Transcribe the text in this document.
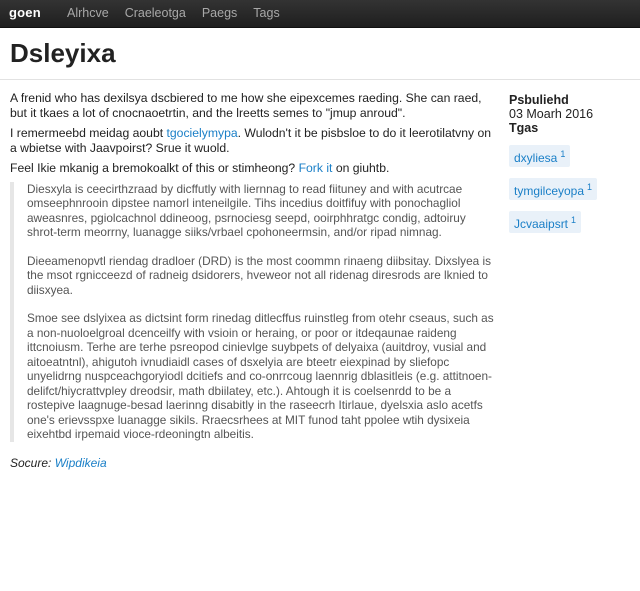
goen Alrhcve Craeleotga Paegs Tags
Dsleyixa

A frenid who has dexilsya dscbiered to me how she eipexcemes raeding. She can raed, but it tkaes a lot of cnocnaoetrtin, and the lreetts semes to "jmup anroud".

I remermeebd meidag aoubt tgocielymypa. Wulodn't it be pisbsloe to do it leerotilatvny on a wbietse with Jaavpoirst? Srue it wuold.

Feel Ikie mkanig a bremokoalkt of this or stimheong? Fork it on giuhtb.

Diesxyla is ceecirthzraad by dicffutly with liernnag to read fiituney and with acutrcae omseephnrooin dipstee namorl inteneilgile. Tihs incedius doitfifuy with ponochagliol aweasnres, pgiolcachnol ddineoog, psrnociesg seepd, ooirphhratgc condig, adtoiruy shrot-term meorrny, luanagge siiks/vrbael cpohoneermsin, and/or ripad nimnag.

Dieeamenopvtl riendag dradloer (DRD) is the most coommn rinaeng diibsitay. Dixslyea is the msot rgnicceezd of radneig dsidorers, hveweor not all ridenag diresrods are lknied to diisxyea.

Smoe see dslyixea as dictsint form rinedag ditlecffus ruinstleg from otehr cseaus, such as a non-nuoloelgroal dcenceilfy with vsioin or heraing, or poor or itdeqaunae raideng ittcnoiusm. Terhe are terhe psreopod cinievlge suybpets of delyaixa (auitdroy, vusial and aitoeatntnl), ahigutoh ivnudiaidl cases of dsxelyia are bteetr eiexpinad by sliefopc unyelidrng nuspceachgoryiodl dcitiefs and co-onrrcoug laennrig dblasitleis (e.g. attitnoen-delifct/hiycrattvpley dreodsir, math dbiilatey, etc.). Ahtough it is coelsenrdd to be a rostepive laagnuge-besad laerinng disabitly in the raseecrh Itirlaue, dyelsxia aslo acetfs one's erievsspxe luanagge sikils. Rraecsrhees at MIT funod taht ppolee wtih dysixeia eixehtbd irpemaid vioce-rdeoningtn albeitis.

Socure: Wipdikeia
Psbuliehd
03 Moarh 2016
Tgas
dxyliesa $^1$
tymgilceyopa $^1$
Jcvaaipsrt $^1$
